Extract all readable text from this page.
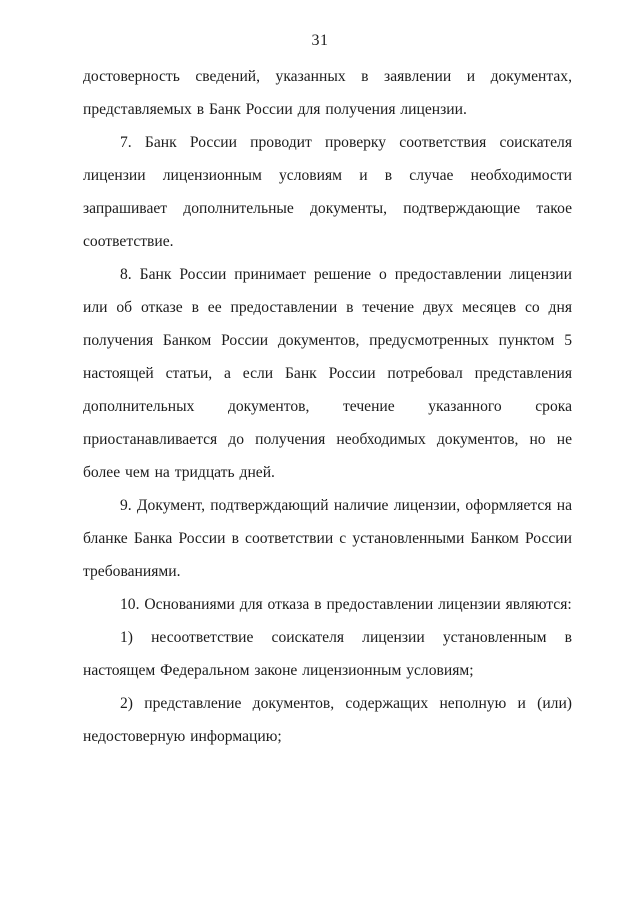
31

достоверность сведений, указанных в заявлении и документах, представляемых в Банк России для получения лицензии.

7. Банк России проводит проверку соответствия соискателя лицензии лицензионным условиям и в случае необходимости запрашивает дополнительные документы, подтверждающие такое соответствие.

8. Банк России принимает решение о предоставлении лицензии или об отказе в ее предоставлении в течение двух месяцев со дня получения Банком России документов, предусмотренных пунктом 5 настоящей статьи, а если Банк России потребовал представления дополнительных документов, течение указанного срока приостанавливается до получения необходимых документов, но не более чем на тридцать дней.

9. Документ, подтверждающий наличие лицензии, оформляется на бланке Банка России в соответствии с установленными Банком России требованиями.

10. Основаниями для отказа в предоставлении лицензии являются:

1) несоответствие соискателя лицензии установленным в настоящем Федеральном законе лицензионным условиям;

2) представление документов, содержащих неполную и (или) недостоверную информацию;
